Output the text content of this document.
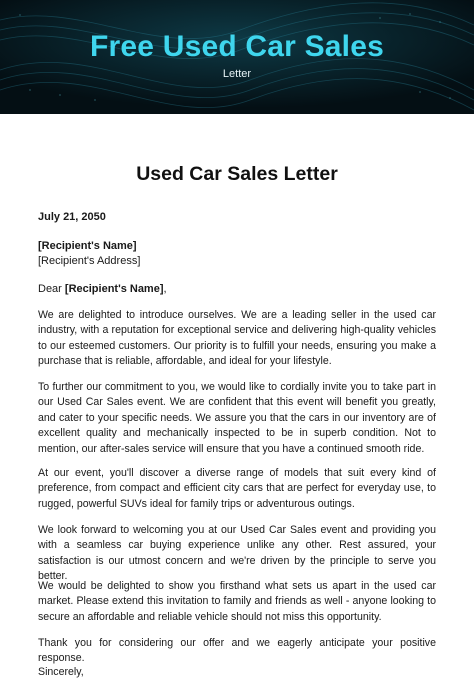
Free Used Car Sales
Letter
Used Car Sales Letter
July 21, 2050
[Recipient's Name]
[Recipient's Address]
Dear [Recipient's Name],

We are delighted to introduce ourselves. We are a leading seller in the used car industry, with a reputation for exceptional service and delivering high-quality vehicles to our esteemed customers. Our priority is to fulfill your needs, ensuring you make a purchase that is reliable, affordable, and ideal for your lifestyle.

To further our commitment to you, we would like to cordially invite you to take part in our Used Car Sales event. We are confident that this event will benefit you greatly, and cater to your specific needs. We assure you that the cars in our inventory are of excellent quality and mechanically inspected to be in superb condition. Not to mention, our after-sales service will ensure that you have a continued smooth ride.

At our event, you'll discover a diverse range of models that suit every kind of preference, from compact and efficient city cars that are perfect for everyday use, to rugged, powerful SUVs ideal for family trips or adventurous outings.

We look forward to welcoming you at our Used Car Sales event and providing you with a seamless car buying experience unlike any other. Rest assured, your satisfaction is our utmost concern and we're driven by the principle to serve you better.

We would be delighted to show you firsthand what sets us apart in the used car market. Please extend this invitation to family and friends as well - anyone looking to secure an affordable and reliable vehicle should not miss this opportunity.

Thank you for considering our offer and we eagerly anticipate your positive response.

Sincerely,
